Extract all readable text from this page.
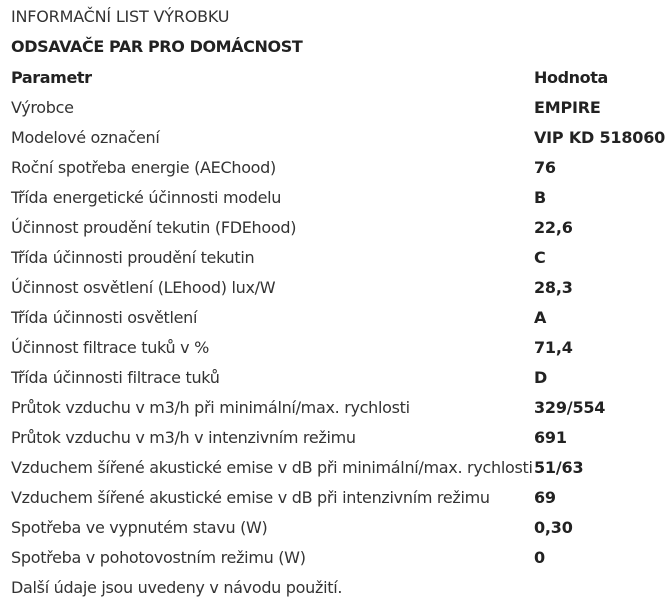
INFORMAČNÍ LIST VÝROBKU
ODSAVAČE PAR PRO DOMÁCNOST
Parametr	Hodnota
Výrobce	EMPIRE
Modelové označení	VIP KD 518060
Roční spotřeba energie (AEChood)	76
Třída energetické účinnosti modelu	B
Účinnost proudění tekutin (FDEhood)	22,6
Třída účinnosti proudění tekutin	C
Účinnost osvětlení (LEhood) lux/W	28,3
Třída účinnosti osvětlení	A
Účinnost filtrace tuků v %	71,4
Třída účinnosti filtrace tuků	D
Průtok vzduchu v m3/h při minimální/max. rychlosti	329/554
Průtok vzduchu v m3/h v intenzivním režimu	691
Vzduchem šířené akustické emise v dB při minimální/max. rychlosti 51/63
Vzduchem šířené akustické emise v dB při intenzivním režimu	69
Spotřeba ve vypnutém stavu (W)	0,30
Spotřeba v pohotovostním režimu (W)	0
Další údaje jsou uvedeny v návodu použití.
